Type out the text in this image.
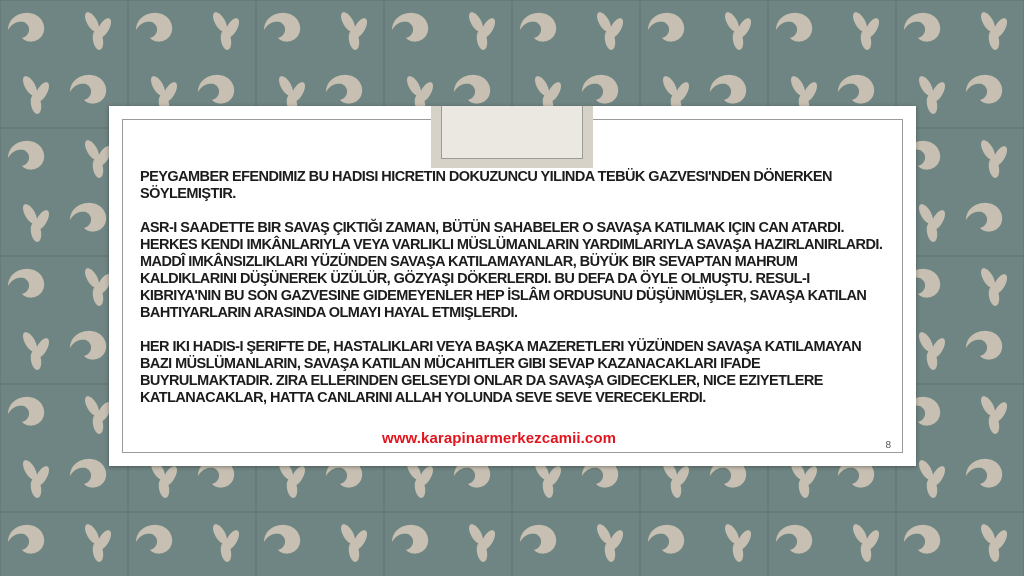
PEYGAMBER EFENDIMIZ BU HADISI HICRETIN DOKUZUNCU YILINDA TEBÜK GAZVESI'NDEN DÖNERKEN SÖYLEMIŞTIR.

ASR-I SAADETTE BIR SAVAŞ ÇIKTIĞI ZAMAN, BÜTÜN SAHABELER O SAVAŞA KATILMAK IÇIN CAN ATARDI. HERKES KENDI IMKÂNLARIYLA VEYA VARLIKLI MÜSLÜMANLARIN YARDIMLARIYLA SAVAŞA HAZIRLANIRLARDI. MADDÎ IMKÂNSIZLIKLARI YÜZÜNDEN SAVAŞA KATILAMAYANLAR, BÜYÜK BIR SEVAPTAN MAHRUM KALDIKLARINI DÜŞÜNEREK ÜZÜLÜR, GÖZYAŞI DÖKERLERDI. BU DEFA DA ÖYLE OLMUŞTU. RESUL-I KIBRIYA'NIN BU SON GAZVESINE GIDEMEYENLER HEP İSLÂM ORDUSUNU DÜŞÜNMÜŞLER, SAVAŞA KATILAN BAHTIYARLARIN ARASINDA OLMAYI HAYAL ETMIŞLERDI.

HER IKI HADIS-I ŞERIFTE DE, HASTALIKLARI VEYA BAŞKA MAZERETLERI YÜZÜNDEN SAVAŞA KATILAMAYAN BAZI MÜSLÜMANLARIN, SAVAŞA KATILAN MÜCAHITLER GIBI SEVAP KAZANACAKLARI IFADE BUYRULMAKTADIR. ZIRA ELLERINDEN GELSEYDI ONLAR DA SAVAŞA GIDECEKLER, NICE EZIYETLERE KATLANACAKLAR, HATTA CANLARINI ALLAH YOLUNDA SEVE SEVE VERECEKLERDI.

www.karapinarmerkezcamii.com	8
